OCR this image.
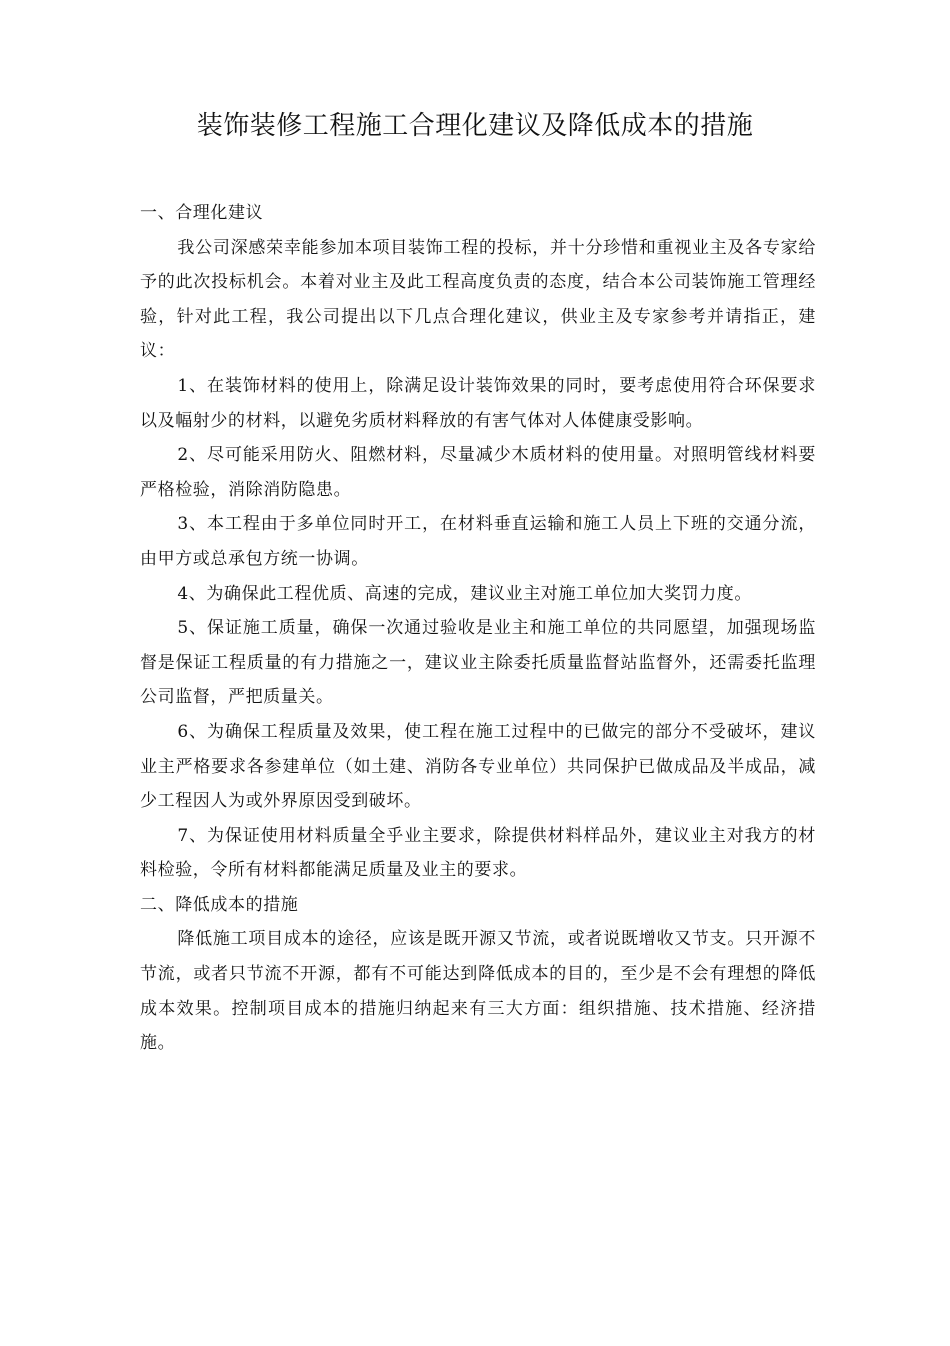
装饰装修工程施工合理化建议及降低成本的措施

一、合理化建议

我公司深感荣幸能参加本项目装饰工程的投标，并十分珍惜和重视业主及各专家给予的此次投标机会。本着对业主及此工程高度负责的态度，结合本公司装饰施工管理经验，针对此工程，我公司提出以下几点合理化建议，供业主及专家参考并请指正，建议：

1、在装饰材料的使用上，除满足设计装饰效果的同时，要考虑使用符合环保要求以及幅射少的材料，以避免劣质材料释放的有害气体对人体健康受影响。

2、尽可能采用防火、阻燃材料，尽量减少木质材料的使用量。对照明管线材料要严格检验，消除消防隐患。

3、本工程由于多单位同时开工，在材料垂直运输和施工人员上下班的交通分流，由甲方或总承包方统一协调。

4、为确保此工程优质、高速的完成，建议业主对施工单位加大奖罚力度。

5、保证施工质量，确保一次通过验收是业主和施工单位的共同愿望，加强现场监督是保证工程质量的有力措施之一，建议业主除委托质量监督站监督外，还需委托监理公司监督，严把质量关。

6、为确保工程质量及效果，使工程在施工过程中的已做完的部分不受破坏，建议业主严格要求各参建单位（如土建、消防各专业单位）共同保护已做成品及半成品，减少工程因人为或外界原因受到破坏。

7、为保证使用材料质量全乎业主要求，除提供材料样品外，建议业主对我方的材料检验，令所有材料都能满足质量及业主的要求。

二、降低成本的措施

降低施工项目成本的途径，应该是既开源又节流，或者说既增收又节支。只开源不节流，或者只节流不开源，都有不可能达到降低成本的目的，至少是不会有理想的降低成本效果。控制项目成本的措施归纳起来有三大方面：组织措施、技术措施、经济措施。
